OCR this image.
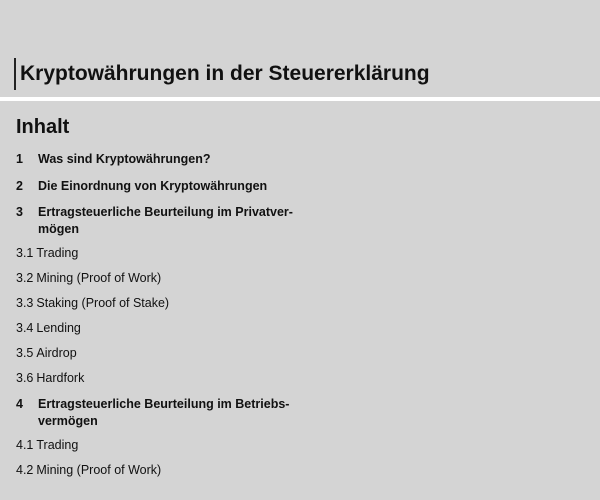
Kryptowährungen in der Steuererklärung
Inhalt
1	Was sind Kryptowährungen?
2	Die Einordnung von Kryptowährungen
3	Ertragsteuerliche Beurteilung im Privatver-
mögen
3.1 Trading
3.2 Mining (Proof of Work)
3.3 Staking (Proof of Stake)
3.4 Lending
3.5 Airdrop
3.6 Hardfork
4	Ertragsteuerliche Beurteilung im Betriebs-
vermögen
4.1 Trading
4.2 Mining (Proof of Work)
